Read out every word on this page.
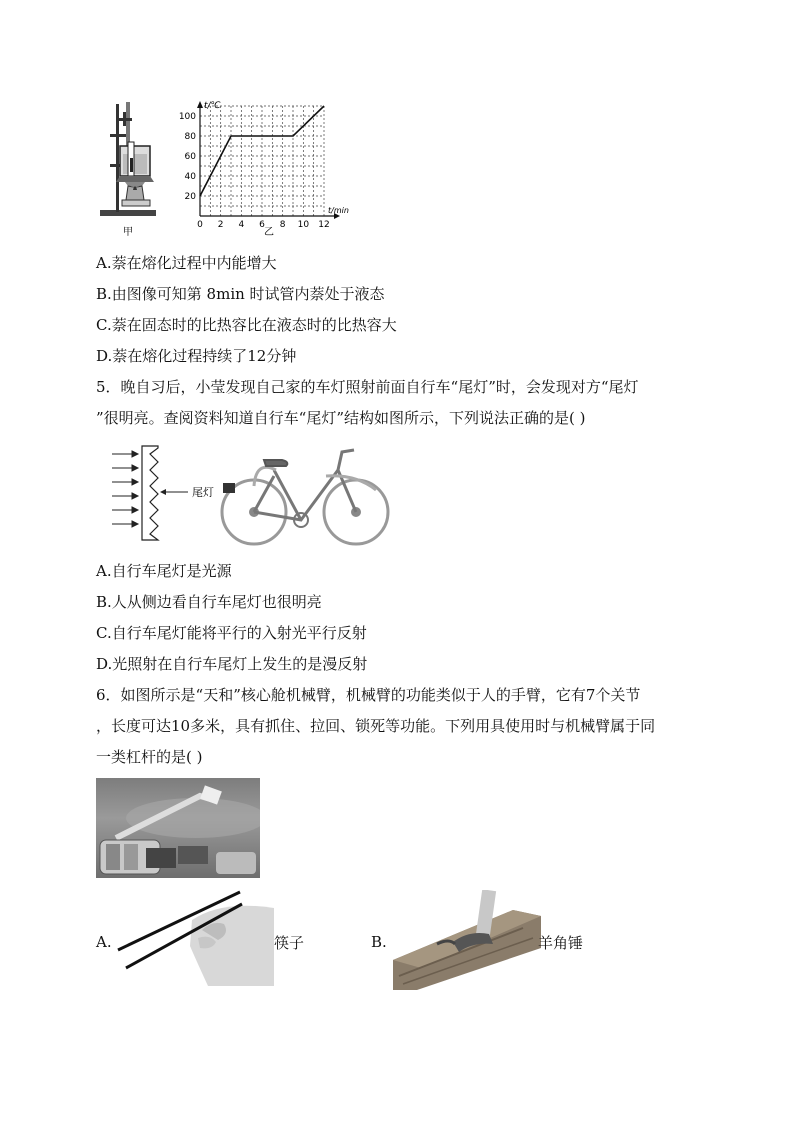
甲
t/℃
t/min
20
40
60
80
100
0 2 4 6 8 10 12
乙
A.萘在熔化过程中内能增大
B.由图像可知第 8min 时试管内萘处于液态
C.萘在固态时的比热容比在液态时的比热容大
D.萘在熔化过程持续了12分钟
5．晚自习后，小莹发现自己家的车灯照射前面自行车“尾灯”时，会发现对方“尾灯
”很明亮。查阅资料知道自行车“尾灯”结构如图所示，下列说法正确的是( )
尾灯
A.自行车尾灯是光源
B.人从侧边看自行车尾灯也很明亮
C.自行车尾灯能将平行的入射光平行反射
D.光照射在自行车尾灯上发生的是漫反射
6．如图所示是“天和”核心舱机械臂，机械臂的功能类似于人的手臂，它有7个关节
，长度可达10多米，具有抓住、拉回、锁死等功能。下列用具使用时与机械臂属于同
一类杠杆的是( )
A.	筷子	B.	羊角锤
